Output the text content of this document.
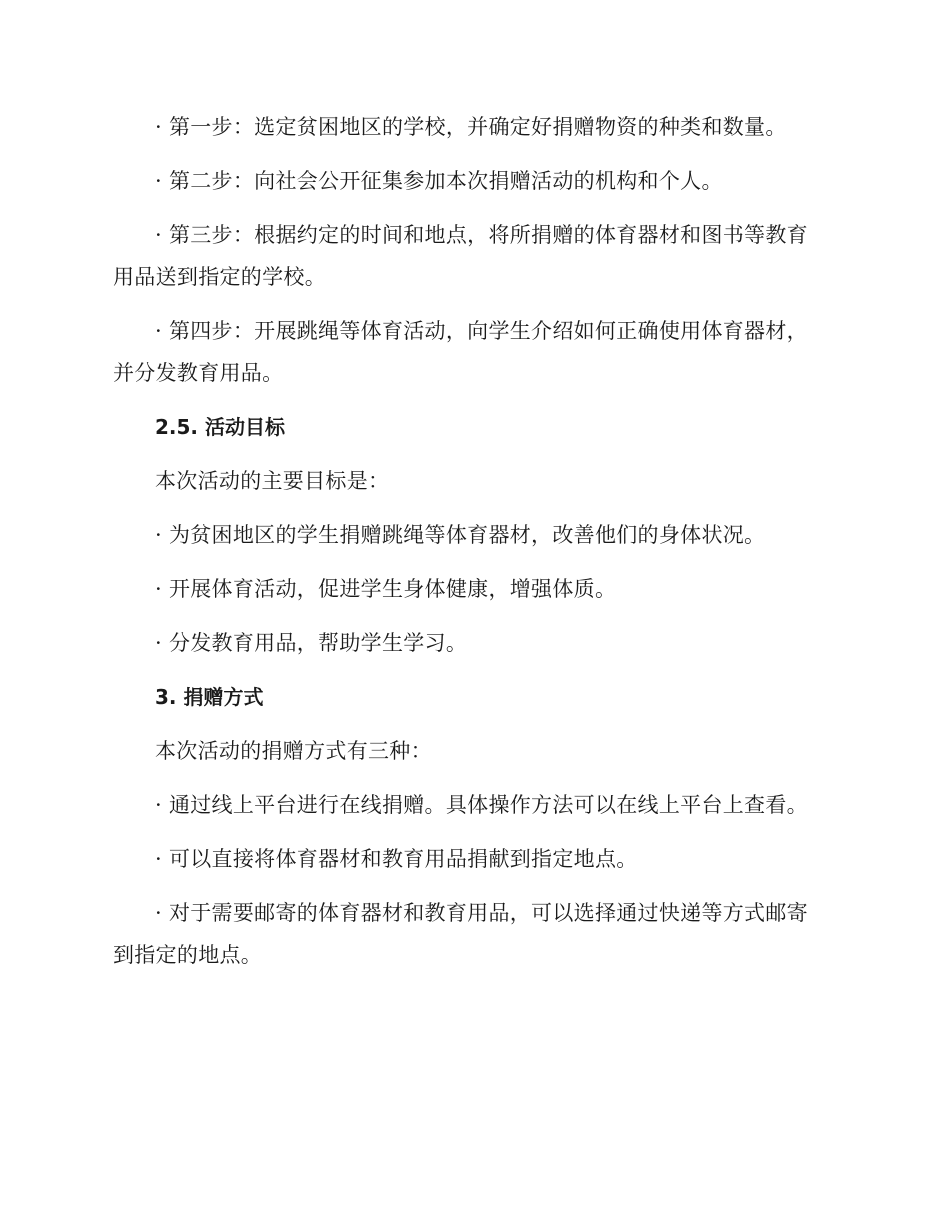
· 第一步：选定贫困地区的学校，并确定好捐赠物资的种类和数量。

· 第二步：向社会公开征集参加本次捐赠活动的机构和个人。

· 第三步：根据约定的时间和地点，将所捐赠的体育器材和图书等教育用品送到指定的学校。

· 第四步：开展跳绳等体育活动，向学生介绍如何正确使用体育器材，并分发教育用品。

2.5. 活动目标

本次活动的主要目标是：

· 为贫困地区的学生捐赠跳绳等体育器材，改善他们的身体状况。

· 开展体育活动，促进学生身体健康，增强体质。

· 分发教育用品，帮助学生学习。

3. 捐赠方式

本次活动的捐赠方式有三种：

· 通过线上平台进行在线捐赠。具体操作方法可以在线上平台上查看。

· 可以直接将体育器材和教育用品捐献到指定地点。

· 对于需要邮寄的体育器材和教育用品，可以选择通过快递等方式邮寄到指定的地点。
